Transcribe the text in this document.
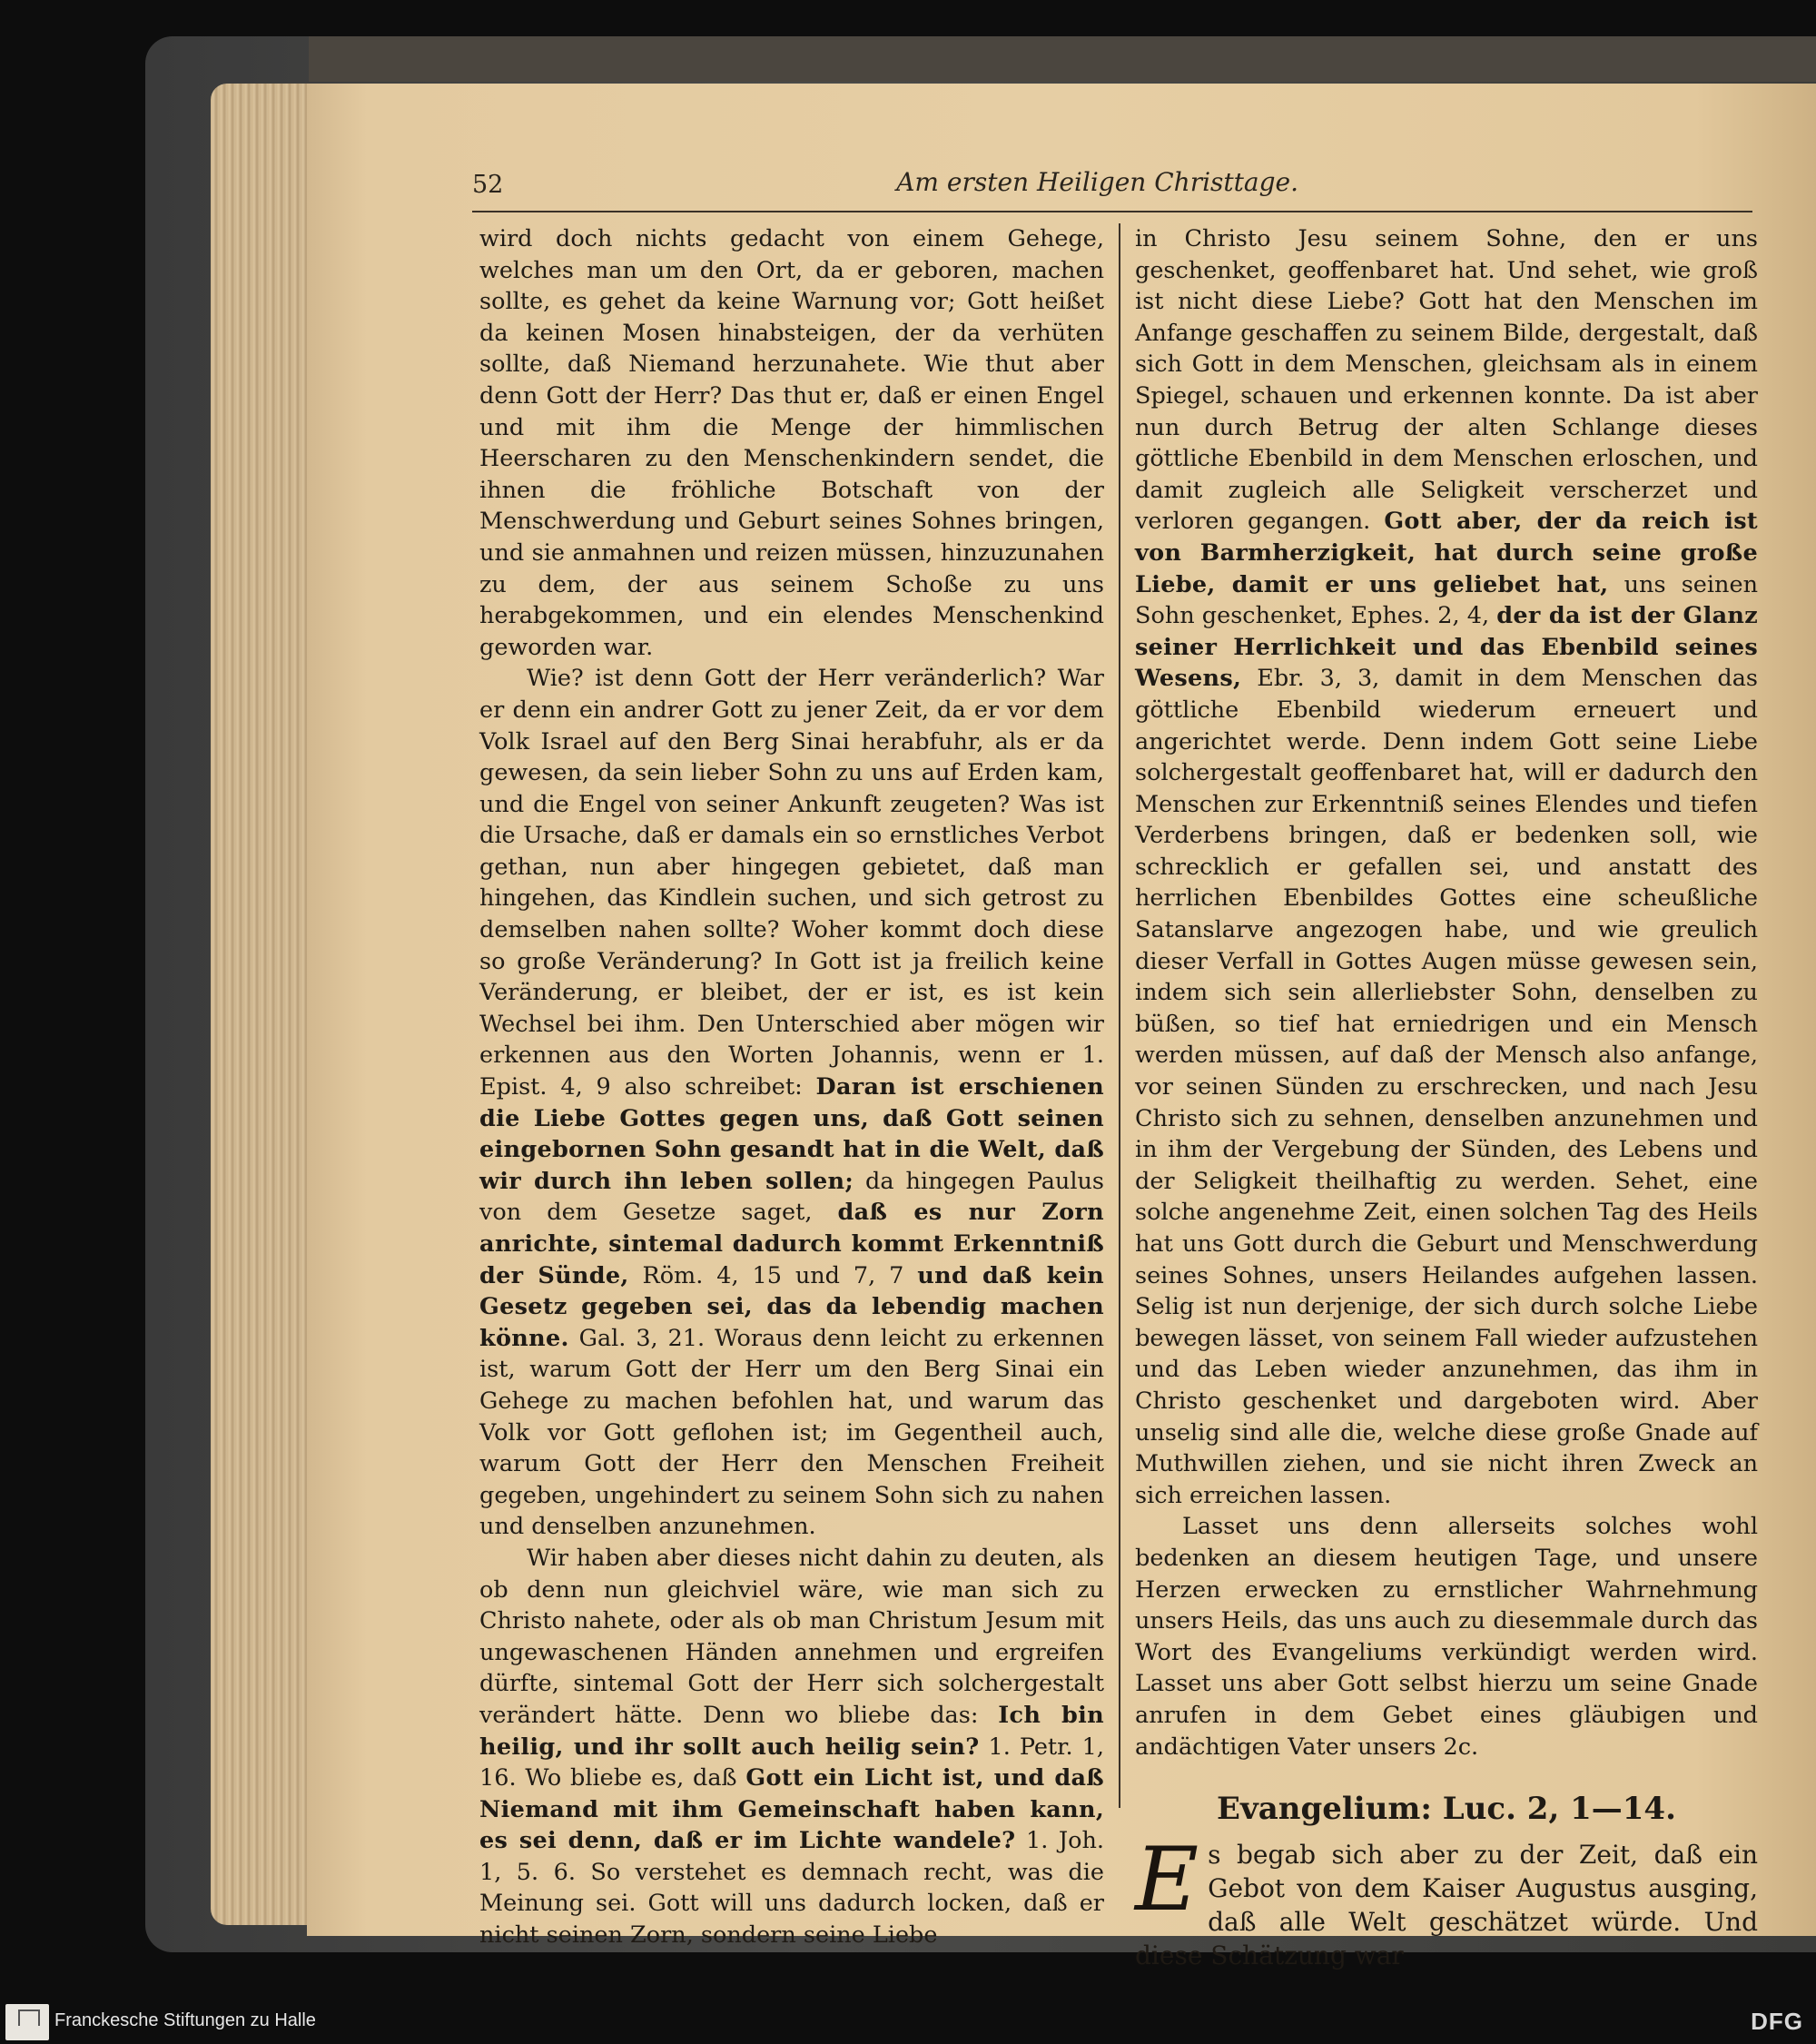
52	Am ersten Heiligen Christtage.

wird doch nichts gedacht von einem Gehege, welches man um den Ort, da er geboren, machen sollte, es gehet da keine Warnung vor; Gott heißet da keinen Mosen hinabsteigen, der da verhüten sollte, daß Niemand herzunahete. Wie thut aber denn Gott der Herr? Das thut er, daß er einen Engel und mit ihm die Menge der himmlischen Heerscharen zu den Menschenkindern sendet, die ihnen die fröhliche Botschaft von der Menschwerdung und Geburt seines Sohnes bringen, und sie anmahnen und reizen müssen, hinzuzunahen zu dem, der aus seinem Schoße zu uns herabgekommen, und ein elendes Menschenkind geworden war.

Wie? ist denn Gott der Herr veränderlich? War er denn ein andrer Gott zu jener Zeit, da er vor dem Volk Israel auf den Berg Sinai herabfuhr, als er da gewesen, da sein lieber Sohn zu uns auf Erden kam, und die Engel von seiner Ankunft zeugeten? Was ist die Ursache, daß er damals ein so ernstliches Verbot gethan, nun aber hingegen gebietet, daß man hingehen, das Kindlein suchen, und sich getrost zu demselben nahen sollte? Woher kommt doch diese so große Veränderung? In Gott ist ja freilich keine Veränderung, er bleibet, der er ist, es ist kein Wechsel bei ihm. Den Unterschied aber mögen wir erkennen aus den Worten Johannis, wenn er 1. Epist. 4, 9 also schreibet: Daran ist erschienen die Liebe Gottes gegen uns, daß Gott seinen eingebornen Sohn gesandt hat in die Welt, daß wir durch ihn leben sollen; da hingegen Paulus von dem Gesetze saget, daß es nur Zorn anrichte, sintemal dadurch kommt Erkenntniß der Sünde, Röm. 4, 15 und 7, 7 und daß kein Gesetz gegeben sei, das da lebendig machen könne. Gal. 3, 21. Woraus denn leicht zu erkennen ist, warum Gott der Herr um den Berg Sinai ein Gehege zu machen befohlen hat, und warum das Volk vor Gott geflohen ist; im Gegentheil auch, warum Gott der Herr den Menschen Freiheit gegeben, ungehindert zu seinem Sohn sich zu nahen und denselben anzunehmen.

Wir haben aber dieses nicht dahin zu deuten, als ob denn nun gleichviel wäre, wie man sich zu Christo nahete, oder als ob man Christum Jesum mit ungewaschenen Händen annehmen und ergreifen dürfte, sintemal Gott der Herr sich solchergestalt verändert hätte. Denn wo bliebe das: Ich bin heilig, und ihr sollt auch heilig sein? 1. Petr. 1, 16. Wo bliebe es, daß Gott ein Licht ist, und daß Niemand mit ihm Gemeinschaft haben kann, es sei denn, daß er im Lichte wandele? 1. Joh. 1, 5. 6. So verstehet es demnach recht, was die Meinung sei. Gott will uns dadurch locken, daß er nicht seinen Zorn, sondern seine Liebe

in Christo Jesu seinem Sohne, den er uns geschenket, geoffenbaret hat. Und sehet, wie groß ist nicht diese Liebe? Gott hat den Menschen im Anfange geschaffen zu seinem Bilde, dergestalt, daß sich Gott in dem Menschen, gleichsam als in einem Spiegel, schauen und erkennen konnte. Da ist aber nun durch Betrug der alten Schlange dieses göttliche Ebenbild in dem Menschen erloschen, und damit zugleich alle Seligkeit verscherzet und verloren gegangen. Gott aber, der da reich ist von Barmherzigkeit, hat durch seine große Liebe, damit er uns geliebet hat, uns seinen Sohn geschenket, Ephes. 2, 4, der da ist der Glanz seiner Herrlichkeit und das Ebenbild seines Wesens, Ebr. 3, 3, damit in dem Menschen das göttliche Ebenbild wiederum erneuert und angerichtet werde. Denn indem Gott seine Liebe solchergestalt geoffenbaret hat, will er dadurch den Menschen zur Erkenntniß seines Elendes und tiefen Verderbens bringen, daß er bedenken soll, wie schrecklich er gefallen sei, und anstatt des herrlichen Ebenbildes Gottes eine scheußliche Satanslarve angezogen habe, und wie greulich dieser Verfall in Gottes Augen müsse gewesen sein, indem sich sein allerliebster Sohn, denselben zu büßen, so tief hat erniedrigen und ein Mensch werden müssen, auf daß der Mensch also anfange, vor seinen Sünden zu erschrecken, und nach Jesu Christo sich zu sehnen, denselben anzunehmen und in ihm der Vergebung der Sünden, des Lebens und der Seligkeit theilhaftig zu werden. Sehet, eine solche angenehme Zeit, einen solchen Tag des Heils hat uns Gott durch die Geburt und Menschwerdung seines Sohnes, unsers Heilandes aufgehen lassen. Selig ist nun derjenige, der sich durch solche Liebe bewegen lässet, von seinem Fall wieder aufzustehen und das Leben wieder anzunehmen, das ihm in Christo geschenket und dargeboten wird. Aber unselig sind alle die, welche diese große Gnade auf Muthwillen ziehen, und sie nicht ihren Zweck an sich erreichen lassen.

Lasset uns denn allerseits solches wohl bedenken an diesem heutigen Tage, und unsere Herzen erwecken zu ernstlicher Wahrnehmung unsers Heils, das uns auch zu diesemmale durch das Wort des Evangeliums verkündigt werden wird. Lasset uns aber Gott selbst hierzu um seine Gnade anrufen in dem Gebet eines gläubigen und andächtigen Vater unsers 2c.

Evangelium: Luc. 2, 1—14.

Es begab sich aber zu der Zeit, daß ein Gebot von dem Kaiser Augustus ausging, daß alle Welt geschätzet würde. Und diese Schätzung war

Franckesche Stiftungen zu Halle	DFG
